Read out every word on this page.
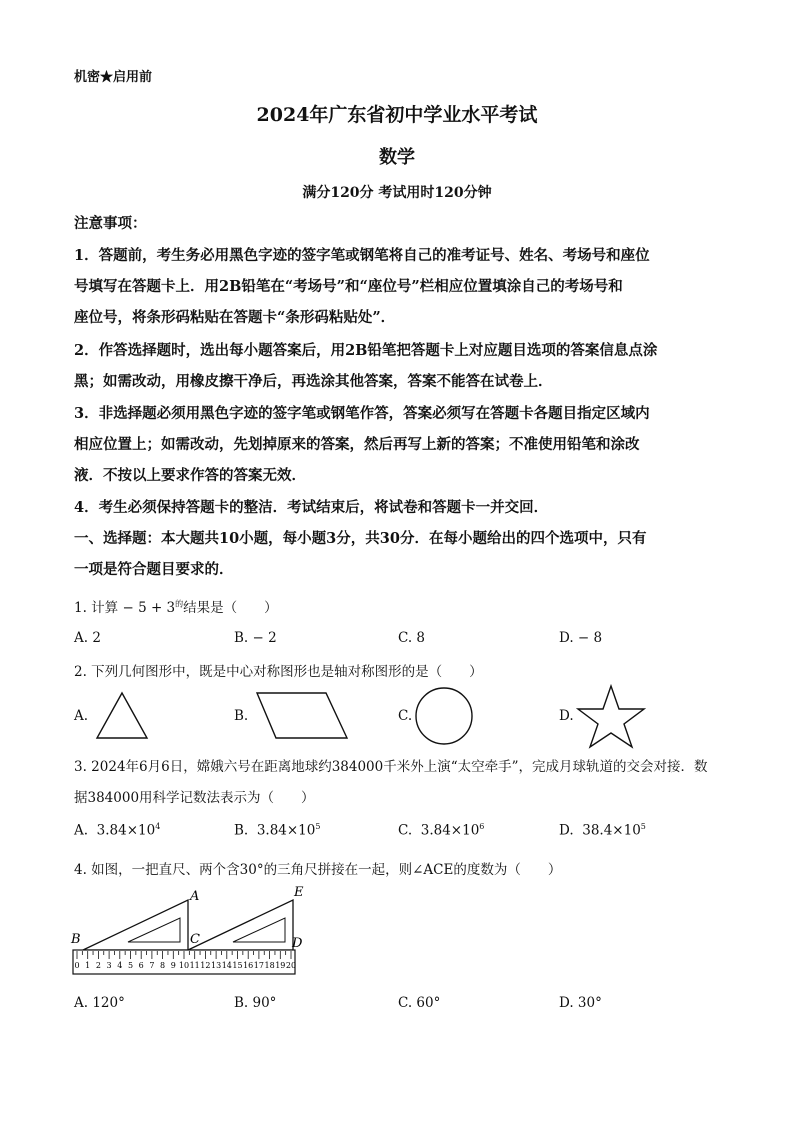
机密★启用前
2024年广东省初中学业水平考试
数学
满分120分 考试用时120分钟
注意事项：
1．答题前，考生务必用黑色字迹的签字笔或钢笔将自己的准考证号、姓名、考场号和座位
号填写在答题卡上．用2B铅笔在“考场号”和“座位号”栏相应位置填涂自己的考场号和
座位号，将条形码粘贴在答题卡“条形码粘贴处”．
2．作答选择题时，选出每小题答案后，用2B铅笔把答题卡上对应题目选项的答案信息点涂
黑；如需改动，用橡皮擦干净后，再选涂其他答案，答案不能答在试卷上．
3．非选择题必须用黑色字迹的签字笔或钢笔作答，答案必须写在答题卡各题目指定区域内
相应位置上；如需改动，先划掉原来的答案，然后再写上新的答案；不准使用铅笔和涂改
液．不按以上要求作答的答案无效．
4．考生必须保持答题卡的整洁．考试结束后，将试卷和答题卡一并交回．
一、选择题：本大题共10小题，每小题3分，共30分．在每小题给出的四个选项中，只有
一项是符合题目要求的．
1. 计算 − $5 + 3^的$结果是（　　）
A. 2	B. − 2	C. 8	D. − 8
2. 下列几何图形中，既是中心对称图形也是轴对称图形的是（　　）
A.	B.	C.	D.
3. 2024年6月6日，嫦娥六号在距离地球约384000千米外上演“太空牵手”，完成月球轨道的交会对接．数
据384000用科学记数法表示为（　　）
A. $3.84\times 10^4$	B. $3.84\times 10^5$	C. $3.84\times 10^6$	D. $38.4\times 10^5$
4. 如图，一把直尺、两个含30°的三角尺拼接在一起，则∠ACE的度数为（　　）
0 1 2 3 4 5 6 7 8 9 10 11 12 13 14 15 16 17 18 19 20
A
B	C	D
E
A. 120°	B. 90°	C. 60°	D. 30°
